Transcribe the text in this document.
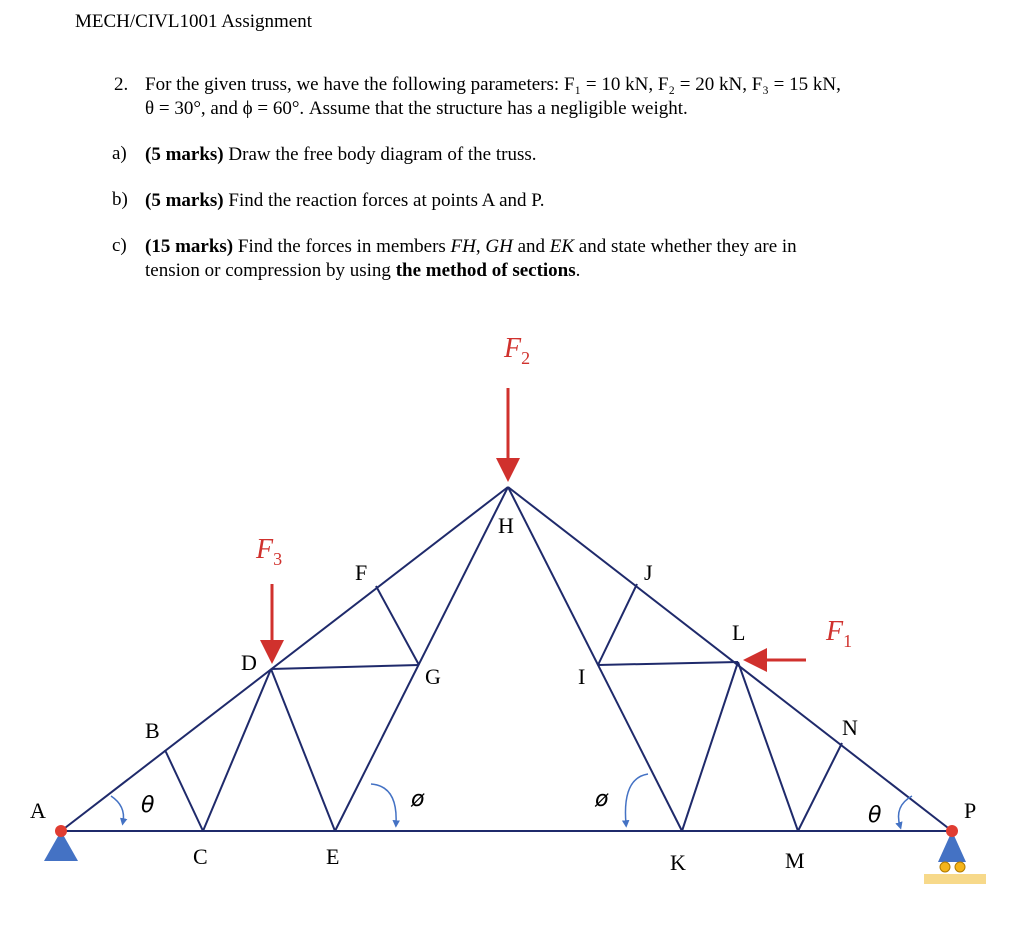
MECH/CIVL1001 Assignment
2. For the given truss, we have the following parameters: F₁ = 10 kN, F₂ = 20 kN, F₃ = 15 kN,
θ = 30°, and ϕ = 60°. Assume that the structure has a negligible weight.
a) (5 marks) Draw the free body diagram of the truss.
b) (5 marks) Find the reaction forces at points A and P.
c) (15 marks) Find the forces in members FH, GH and EK and state whether they are in
tension or compression by using the method of sections.
A
B
C
D
E
F
G
H
I
J
K
L
M
N
P
$F_2$
$F_3$
$F_1$
θ	ø	ø
θ
